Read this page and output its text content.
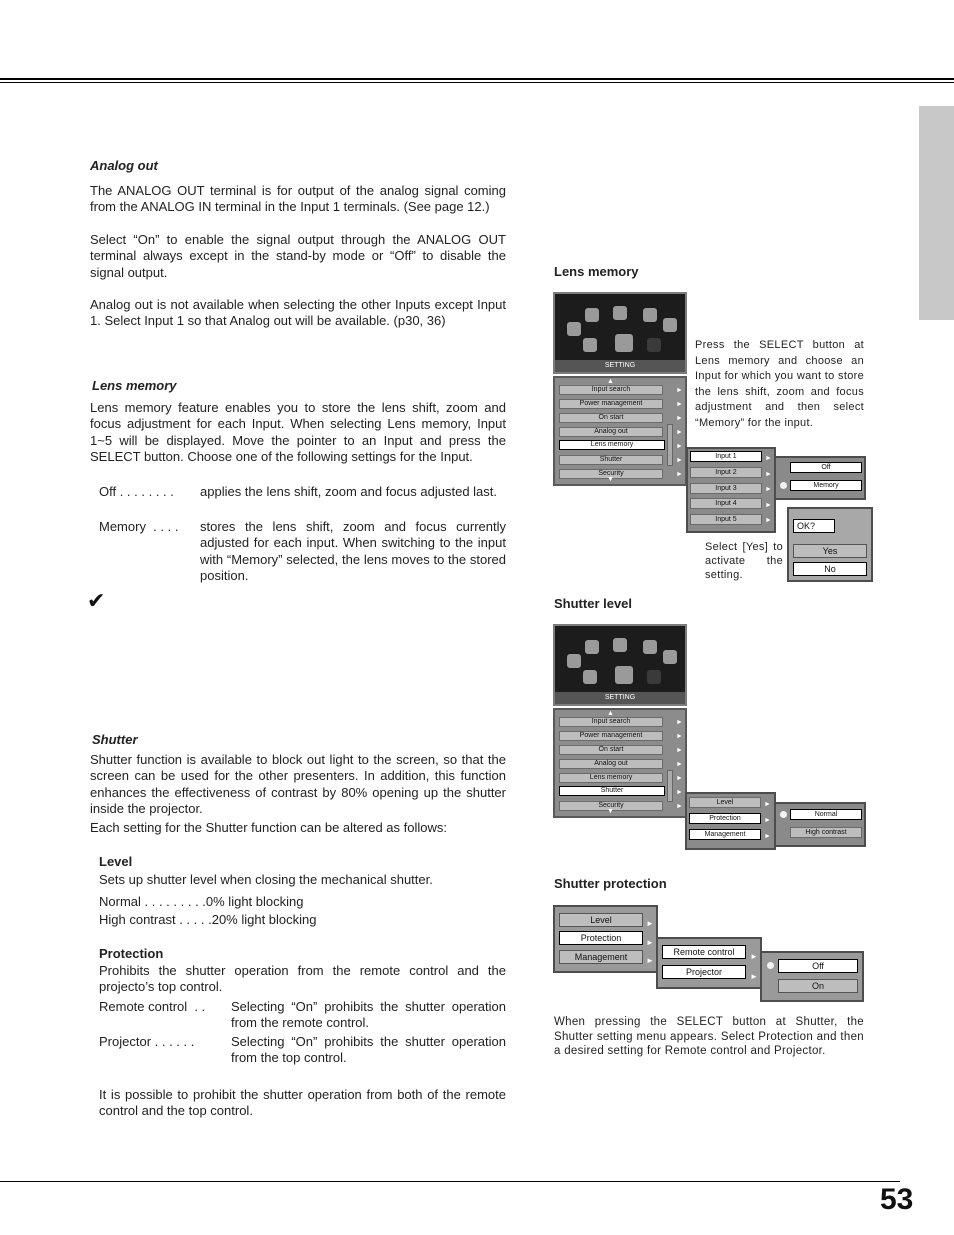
53
Analog out
The ANALOG OUT terminal is for output of the analog signal coming from the ANALOG IN terminal in the Input 1 terminals. (See page 12.)
Select “On” to enable the signal output through the ANALOG OUT terminal always except in the stand-by mode or “Off” to disable the signal output.
Analog out is not available when selecting the other Inputs except Input 1. Select Input 1 so that Analog out will be available. (p30, 36)
Lens memory
Lens memory feature enables you to store the lens shift, zoom and focus adjustment for each Input. When selecting Lens memory, Input 1~5 will be displayed. Move the pointer to an Input and press the SELECT button. Choose one of the following settings for the Input.
Off . . . . . . . . applies the lens shift, zoom and focus adjusted last.
Memory  . . . . stores the lens shift, zoom and focus currently adjusted for each input. When switching to the input with “Memory” selected, the lens moves to the stored position.
✔
Shutter
Shutter function is available to block out light to the screen, so that the screen can be used for the other presenters. In addition, this function enhances the effectiveness of contrast by 80% opening up the shutter inside the projector.
Each setting for the Shutter function can be altered as follows:
Level
Sets up shutter level when closing the mechanical shutter.
Normal . . . . . . . . .0% light blocking
High contrast . . . . .20% light blocking
Protection
Prohibits the shutter operation from the remote control and the projecto’s top control.
Remote control  . . Selecting “On” prohibits the shutter operation from the remote control.
Projector . . . . . .	Selecting “On” prohibits the shutter operation from the top control.
It is possible to prohibit the shutter operation from both of the remote control and the top control.
Lens memory
SETTING
▲
Input search
Power management
On start
Analog out
Lens memory
Shutter
Security
▼
►
►
►
►
►
►
►
Input 1
Input 2
Input 3
Input 4
Input 5
►
►
►
►
►
Off
Memory
Press the SELECT button at Lens memory and choose an Input for which you want to store the lens shift, zoom and focus adjustment and then select “Memory” for the input.
OK?
Yes
No
Select [Yes] to activate the setting.
Shutter level
SETTING
▲
Input search
Power management
On start
Analog out
Lens memory
Shutter
Security
▼
►
►
►
►
►
►
►
Level
Protection
Management
►
►
►
Normal
High contrast
Shutter protection
Level
Protection
Management
►
►
►
Remote control
Projector
►
►
Off
On
When pressing the SELECT button at Shutter, the Shutter setting menu appears. Select Protection and then a desired setting for Remote control and Projector.
